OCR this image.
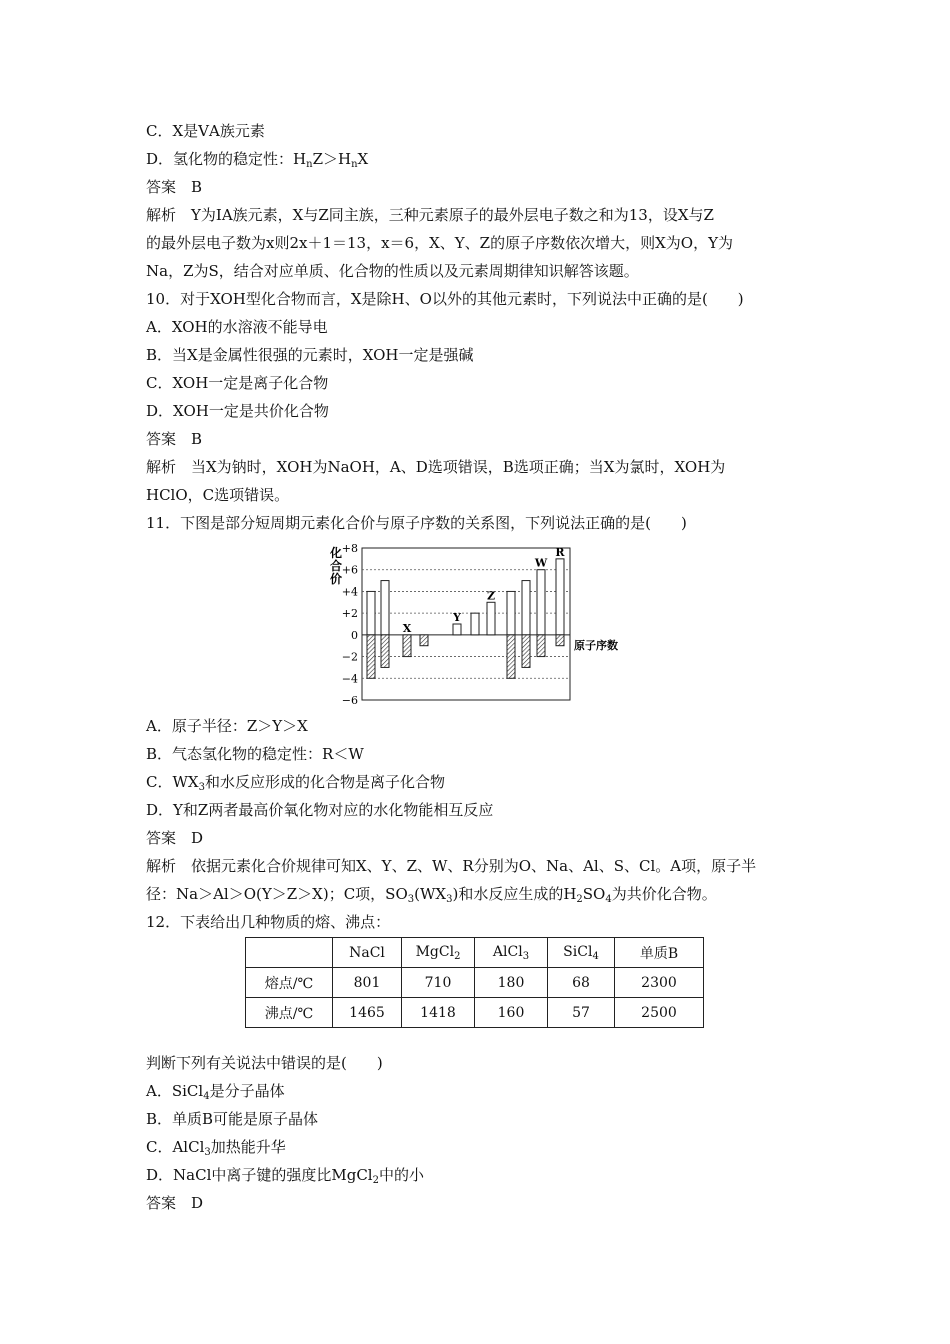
C．X是ⅤA族元素
D．氢化物的稳定性：$H_nZ>H_nX$
答案　B
解析　Y为ⅠA族元素，X与Z同主族，三种元素原子的最外层电子数之和为13，设X与Z
的最外层电子数为x则2x＋1＝13，x＝6，X、Y、Z的原子序数依次增大，则X为O，Y为
Na，Z为S，结合对应单质、化合物的性质以及元素周期律知识解答该题。
10．对于XOH型化合物而言，X是除H、O以外的其他元素时，下列说法中正确的是(　　)
A．XOH的水溶液不能导电
B．当X是金属性很强的元素时，XOH一定是强碱
C．XOH一定是离子化合物
D．XOH一定是共价化合物
答案　B
解析　当X为钠时，XOH为NaOH，A、D选项错误，B选项正确；当X为氯时，XOH为
HClO，C选项错误。
11．下图是部分短周期元素化合价与原子序数的关系图，下列说法正确的是(　　)
+8
+6
+4
+2
0
−2
−4
−6
化
合
价
原子序数
X
Y
Z
W
R
A．原子半径：Z＞Y＞X
B．气态氢化物的稳定性：R＜W
C．$WX_3$和水反应形成的化合物是离子化合物
D．Y和Z两者最高价氧化物对应的水化物能相互反应
答案　D
解析　依据元素化合价规律可知X、Y、Z、W、R分别为O、Na、Al、S、Cl。A项，原子半
径：Na＞Al＞O(Y＞Z＞X)；C项，$SO_3(WX_3)$和水反应生成的$H_2SO_4$为共价化合物。
12．下表给出几种物质的熔、沸点：
	NaCl	MgCl$_2$	AlCl$_3$	SiCl$_4$	单质B
熔点/℃	801	710	180	68	2300
沸点/℃	1465	1418	160	57	2500
判断下列有关说法中错误的是(　　)
A．SiCl$_4$是分子晶体
B．单质B可能是原子晶体
C．AlCl$_3$加热能升华
D．NaCl中离子键的强度比MgCl$_2$中的小
答案　D
